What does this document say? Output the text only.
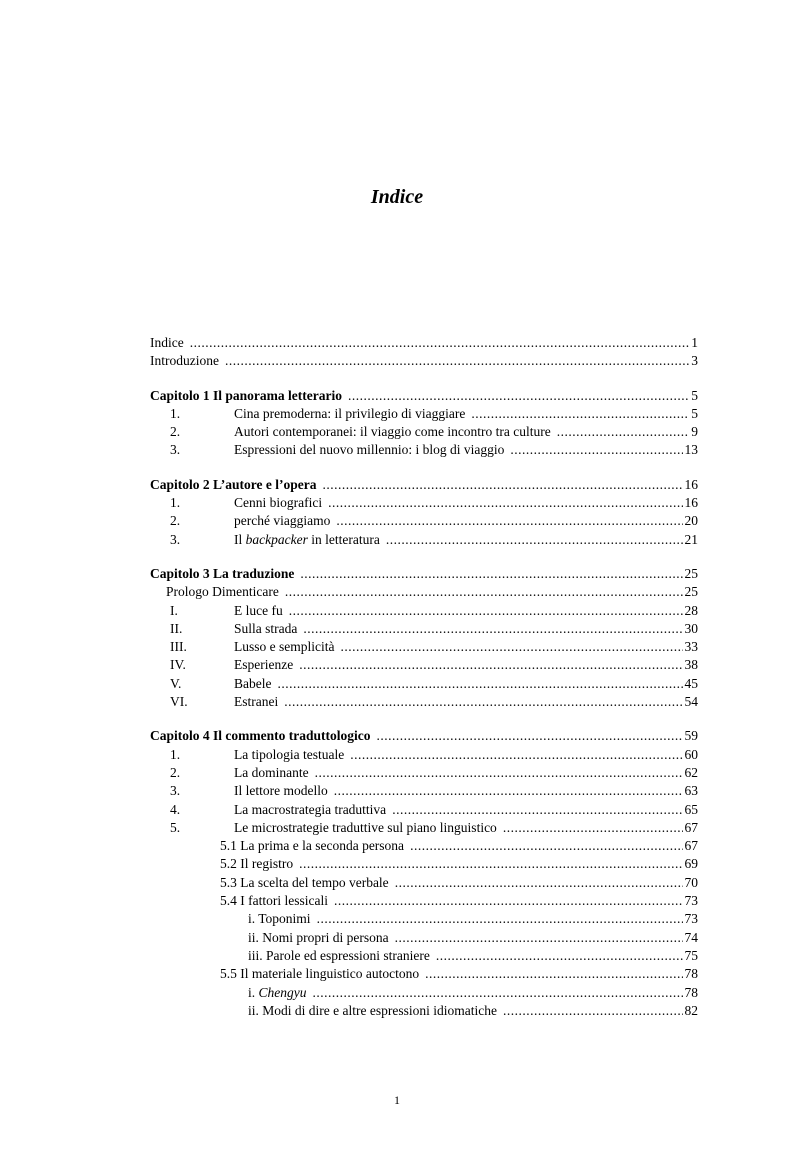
Indice
Indice .....	1
Introduzione .....	3
Capitolo 1 Il panorama letterario .....	5
1.	Cina premoderna: il privilegio di viaggiare .....	5
2.	Autori contemporanei: il viaggio come incontro tra culture .....	9
3.	Espressioni del nuovo millennio: i blog di viaggio .....	13
Capitolo 2 L’autore e l’opera .....	16
1.	Cenni biografici .....	16
2.	perché viaggiamo .....	20
3.	Il backpacker in letteratura .....	21
Capitolo 3 La traduzione .....	25
Prologo Dimenticare .....	25
I.	E luce fu .....	28
II.	Sulla strada .....	30
III.	Lusso e semplicità .....	33
IV.	Esperienze .....	38
V.	Babele .....	45
VI.	Estranei .....	54
Capitolo 4 Il commento traduttologico .....	59
1.	La tipologia testuale .....	60
2.	La dominante .....	62
3.	Il lettore modello .....	63
4.	La macrostrategia traduttiva .....	65
5.	Le microstrategie traduttive sul piano linguistico .....	67
5.1 La prima e la seconda persona .....	67
5.2 Il registro .....	69
5.3 La scelta del tempo verbale .....	70
5.4 I fattori lessicali .....	73
i. Toponimi .....	73
ii. Nomi propri di persona .....	74
iii. Parole ed espressioni straniere .....	75
5.5 Il materiale linguistico autoctono .....	78
i. Chengyu .....	78
ii. Modi di dire e altre espressioni idiomatiche .....	82
1
